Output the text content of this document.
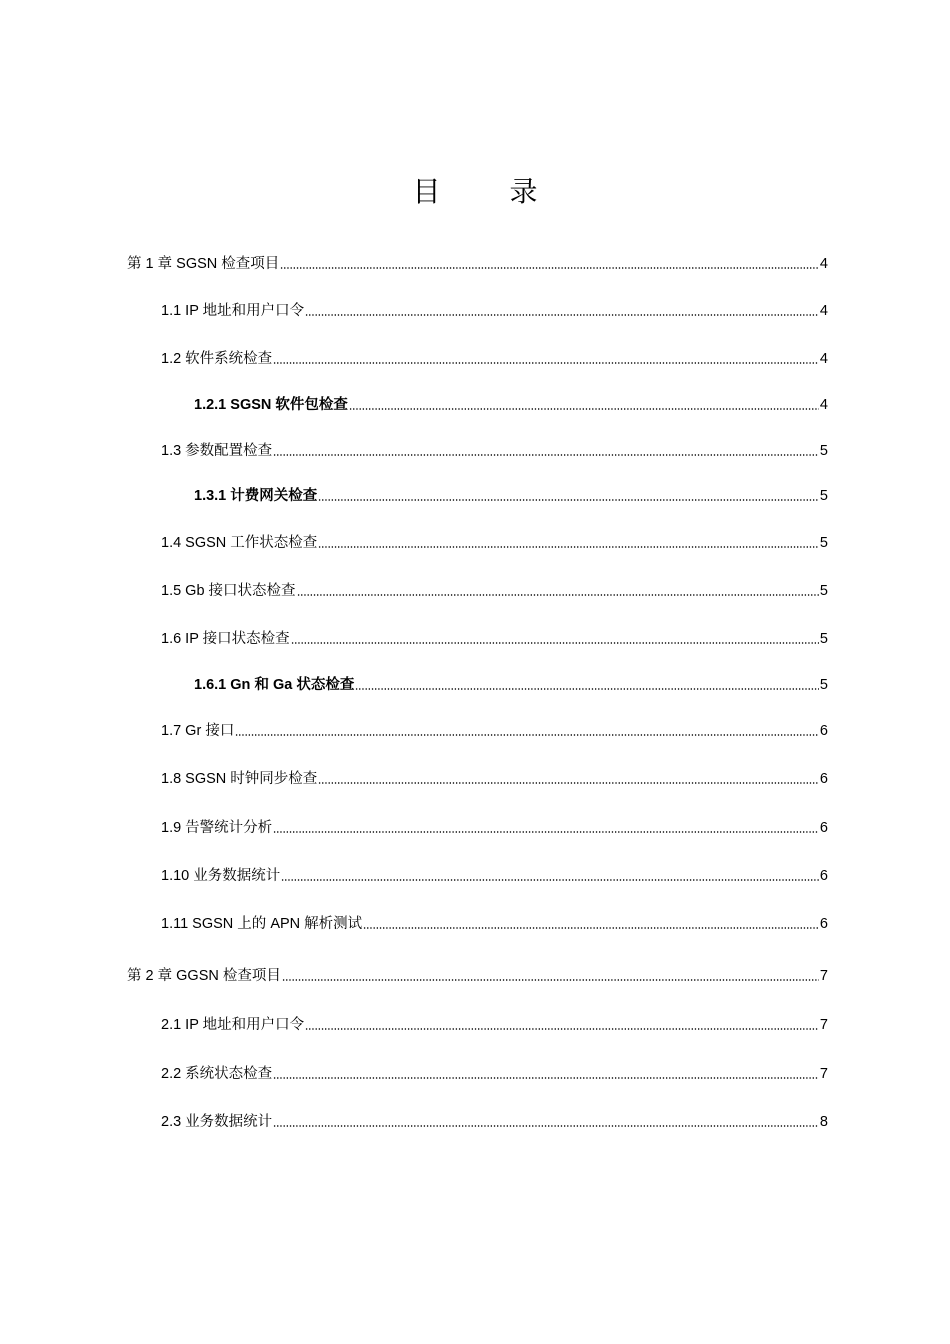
目 录
第 1 章 SGSN 检查项目	4
1.1 IP 地址和用户口令	4
1.2 软件系统检查	4
1.2.1 SGSN 软件包检查	4
1.3 参数配置检查	5
1.3.1 计费网关检查	5
1.4 SGSN 工作状态检查	5
1.5 Gb 接口状态检查	5
1.6 IP 接口状态检查	5
1.6.1 Gn 和 Ga 状态检查	5
1.7 Gr 接口	6
1.8 SGSN 时钟同步检查	6
1.9 告警统计分析	6
1.10 业务数据统计	6
1.11 SGSN 上的 APN 解析测试	6
第 2 章 GGSN 检查项目	7
2.1 IP 地址和用户口令	7
2.2 系统状态检查	7
2.3 业务数据统计	8
